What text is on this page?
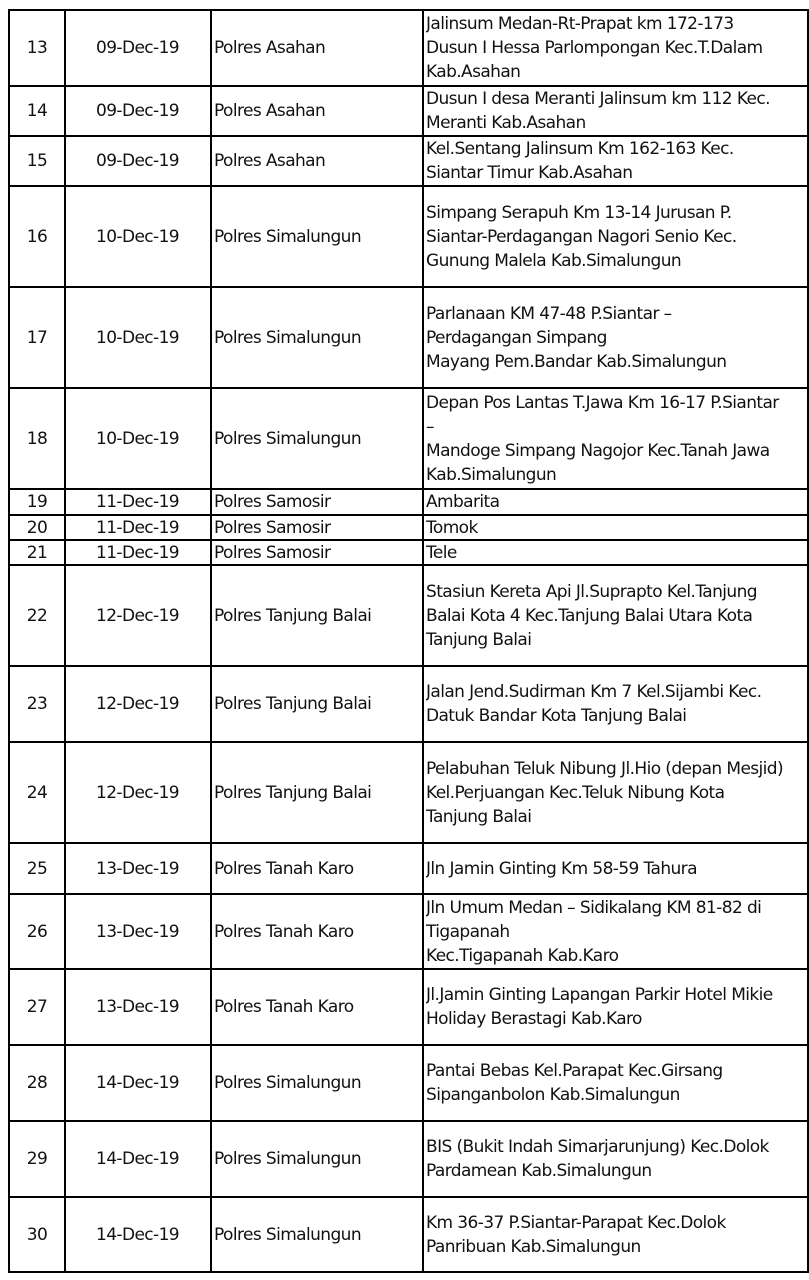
13	09-Dec-19 Polres Asahan
Jalinsum Medan-Rt-Prapat km 172-173
Dusun I Hessa Parlompongan Kec.T.Dalam
Kab.Asahan
14	09-Dec-19 Polres Asahan
Dusun I desa Meranti Jalinsum km 112 Kec.
Meranti Kab.Asahan
15	09-Dec-19 Polres Asahan
Kel.Sentang Jalinsum Km 162-163 Kec.
Siantar Timur Kab.Asahan
16	10-Dec-19 Polres Simalungun
Simpang Serapuh Km 13-14 Jurusan P.
Siantar-Perdagangan Nagori Senio Kec.
Gunung Malela Kab.Simalungun
17	10-Dec-19 Polres Simalungun
Parlanaan KM 47-48 P.Siantar –
Perdagangan Simpang
Mayang Pem.Bandar Kab.Simalungun
18	10-Dec-19 Polres Simalungun
Depan Pos Lantas T.Jawa Km 16-17 P.Siantar
–
Mandoge Simpang Nagojor Kec.Tanah Jawa
Kab.Simalungun
19	11-Dec-19 Polres Samosir	Ambarita
20	11-Dec-19 Polres Samosir	Tomok
21	11-Dec-19 Polres Samosir	Tele
22	12-Dec-19 Polres Tanjung Balai
Stasiun Kereta Api Jl.Suprapto Kel.Tanjung
Balai Kota 4 Kec.Tanjung Balai Utara Kota
Tanjung Balai
23	12-Dec-19 Polres Tanjung Balai
Jalan Jend.Sudirman Km 7 Kel.Sijambi Kec.
Datuk Bandar Kota Tanjung Balai
24	12-Dec-19 Polres Tanjung Balai
Pelabuhan Teluk Nibung Jl.Hio (depan Mesjid)
Kel.Perjuangan Kec.Teluk Nibung Kota
Tanjung Balai
25	13-Dec-19 Polres Tanah Karo	Jln Jamin Ginting Km 58-59 Tahura
26	13-Dec-19 Polres Tanah Karo
Jln Umum Medan – Sidikalang KM 81-82 di
Tigapanah
Kec.Tigapanah Kab.Karo
27	13-Dec-19 Polres Tanah Karo
Jl.Jamin Ginting Lapangan Parkir Hotel Mikie
Holiday Berastagi Kab.Karo
28	14-Dec-19 Polres Simalungun
Pantai Bebas Kel.Parapat Kec.Girsang
Sipanganbolon Kab.Simalungun
29	14-Dec-19 Polres Simalungun
BIS (Bukit Indah Simarjarunjung) Kec.Dolok
Pardamean Kab.Simalungun
30	14-Dec-19 Polres Simalungun
Km 36-37 P.Siantar-Parapat Kec.Dolok
Panribuan Kab.Simalungun
